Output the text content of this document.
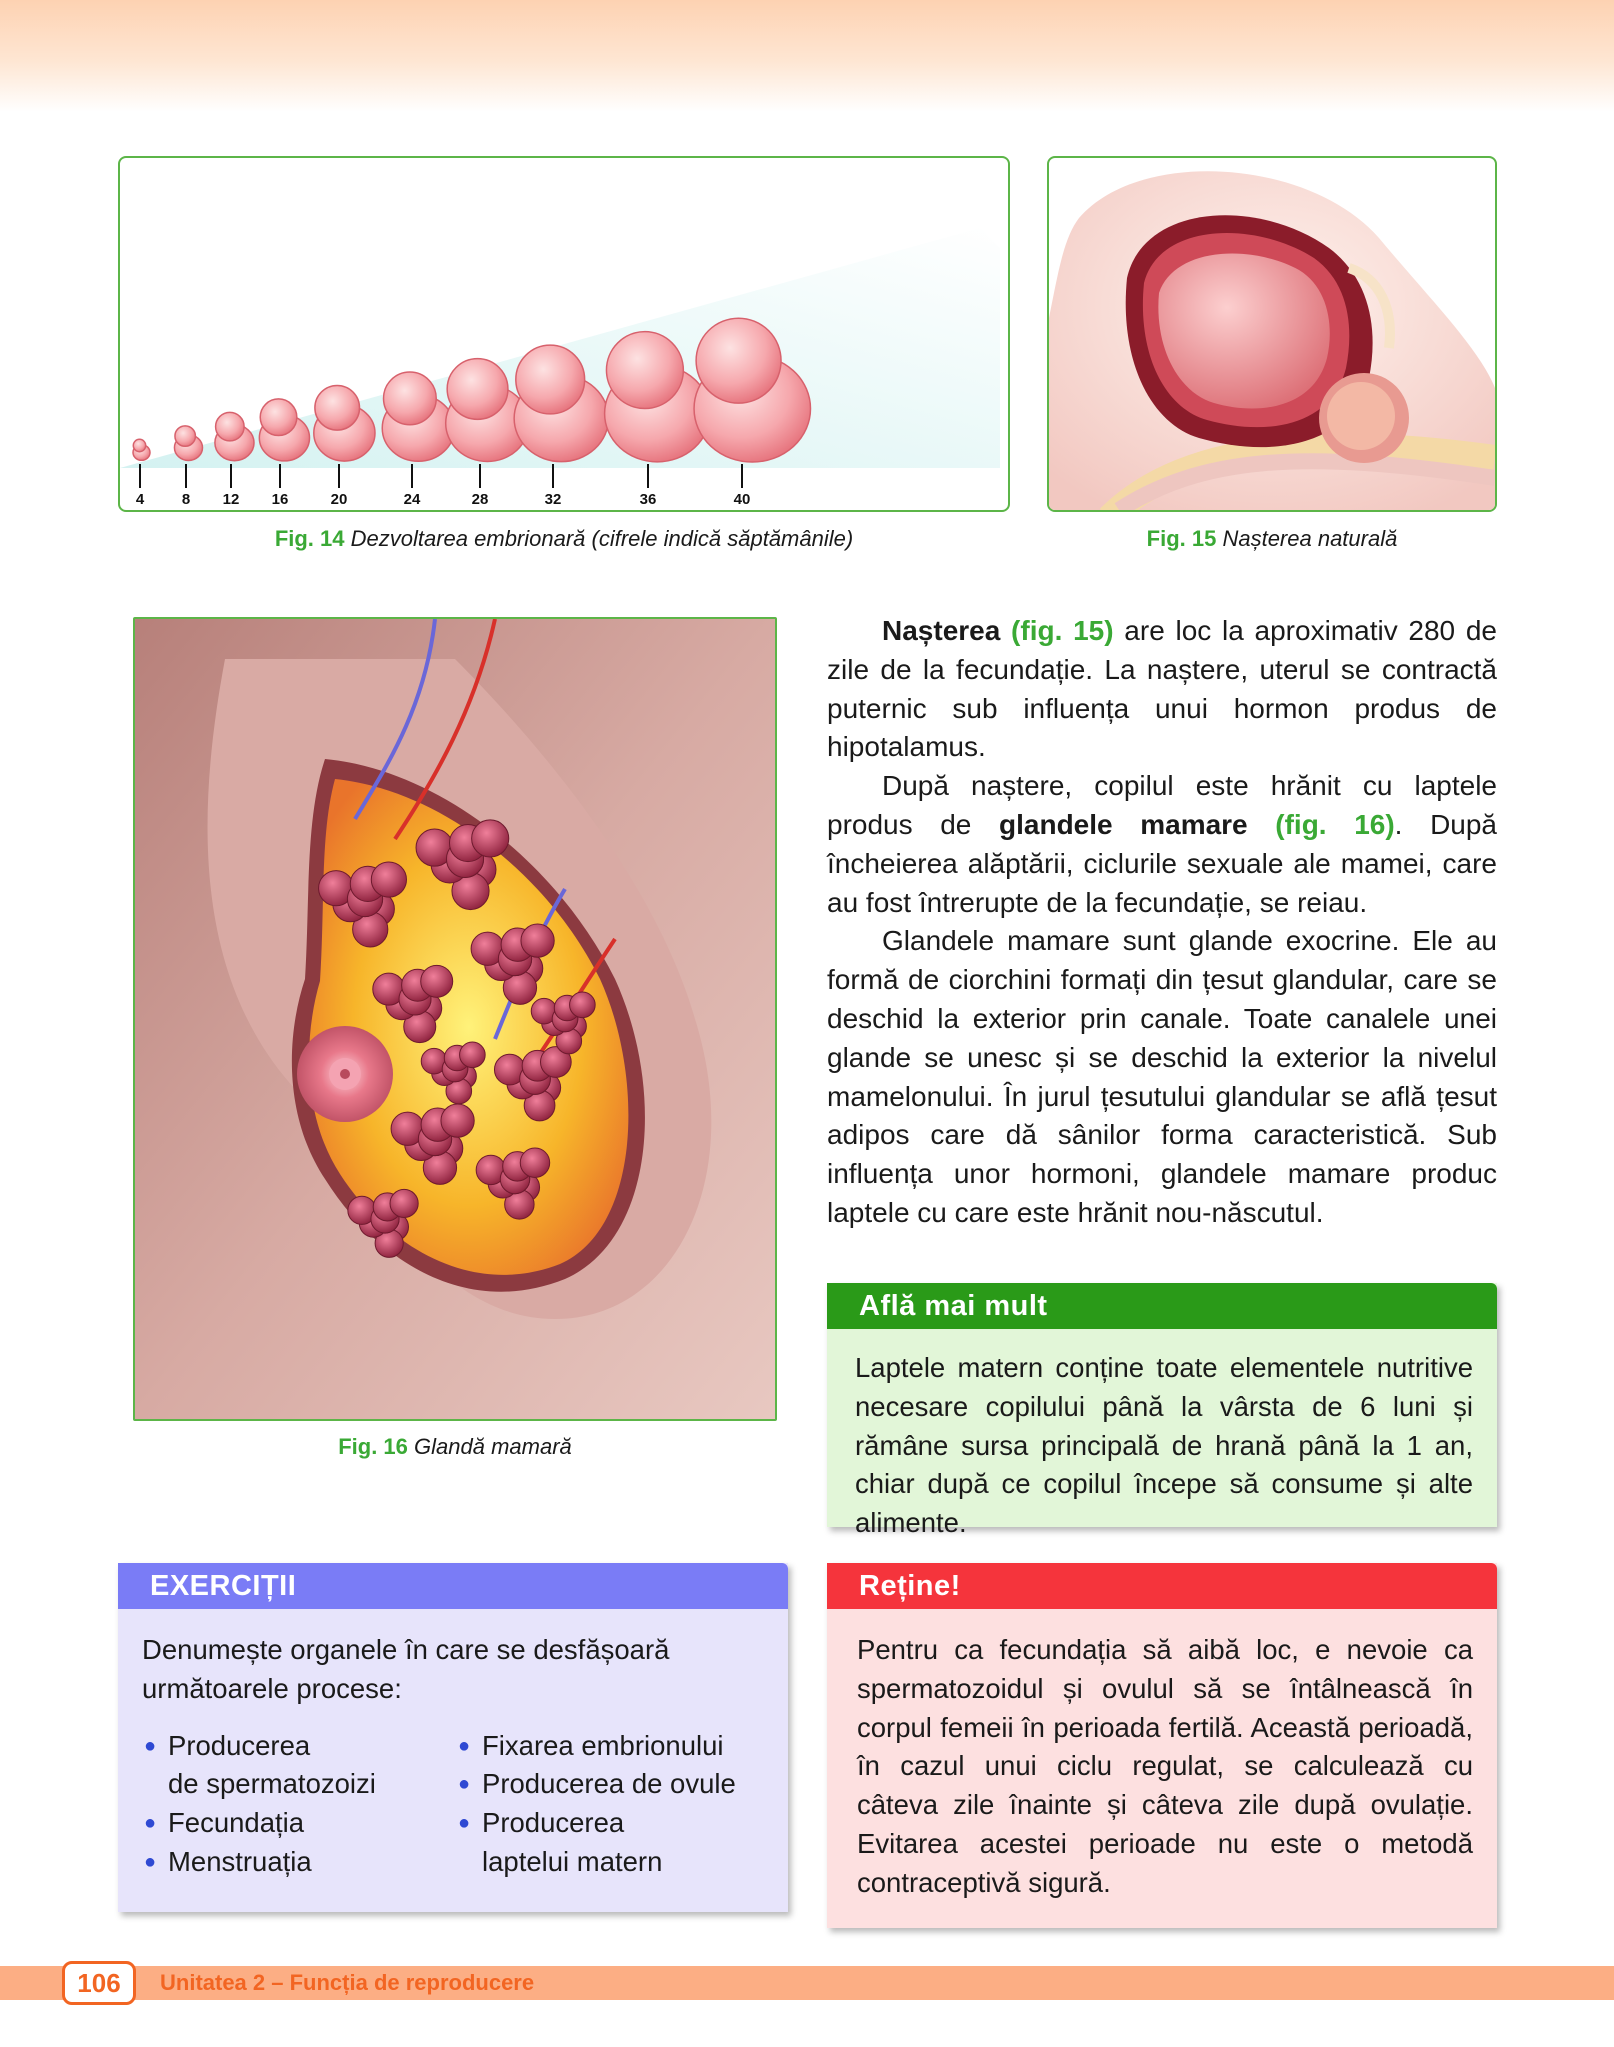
4	8 12 16	20	24	28	32	36	40
Fig. 14 Dezvoltarea embrionară (cifrele indică săptămânile)	Fig. 15 Nașterea naturală
Fig. 16 Glandă mamară

Nașterea (fig. 15) are loc la aproximativ 280 de zile de la fecundație. La naștere, uterul se contractă puternic sub influența unui hormon produs de hipotalamus.

După naștere, copilul este hrănit cu laptele produs de glandele mamare (fig. 16). După încheierea alăptării, ciclurile sexuale ale mamei, care au fost întrerupte de la fecundație, se reiau.

Glandele mamare sunt glande exocrine. Ele au formă de ciorchini formați din țesut glandular, care se deschid la exterior prin canale. Toate canalele unei glande se unesc și se deschid la exterior la nivelul mamelonului. În jurul țesutului glandular se află țesut adipos care dă sânilor forma caracteristică. Sub influența unor hormoni, glandele mamare produc laptele cu care este hrănit nou-născutul.

Află mai mult
Laptele matern conține toate elementele nutritive necesare copilului până la vârsta de 6 luni și rămâne sursa principală de hrană până la 1 an, chiar după ce copilul începe să consume și alte alimente.
EXERCIȚII
Denumește organele în care se desfășoară următoarele procese:
● Producerea
de spermatozoizi
● Fecundația
● Menstruația
● Fixarea embrionului
● Producerea de ovule
● Producerea
laptelui matern
Reține!
Pentru ca fecundația să aibă loc, e nevoie ca spermatozoidul și ovulul să se întâlnească în corpul femeii în perioada fertilă. Această perioadă, în cazul unui ciclu regulat, se calculează cu câteva zile înainte și câteva zile după ovulație. Evitarea acestei perioade nu este o metodă contraceptivă sigură.
106	Unitatea 2 – Funcția de reproducere
